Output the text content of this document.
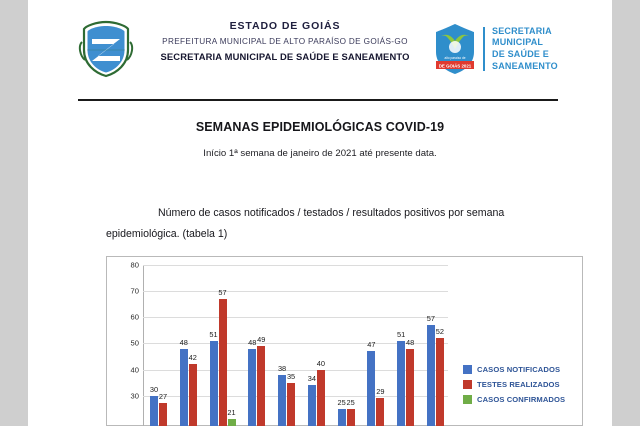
ESTADO DE GOIÁS
PREFEITURA MUNICIPAL DE ALTO PARAÍSO DE GOIÁS-GO
SECRETARIA MUNICIPAL DE SAÚDE E SANEAMENTO
DE GOIÁS 2021
alto paraíso de
SECRETARIA MUNICIPAL
DE SAÚDE E
SANEAMENTO
SEMANAS EPIDEMIOLÓGICAS COVID-19
Início 1ª semana de janeiro de 2021 até presente data.
Número de casos notificados / testados / resultados positivos por semana
epidemiológica. (tabela 1)
80
70
60
50
40
30
30
27
48
42
51
57
21
48 49
38
35 34
40
25 25
47
29
51
48
57
52
CASOS NOTIFICADOS
TESTES REALIZADOS
CASOS CONFIRMADOS
